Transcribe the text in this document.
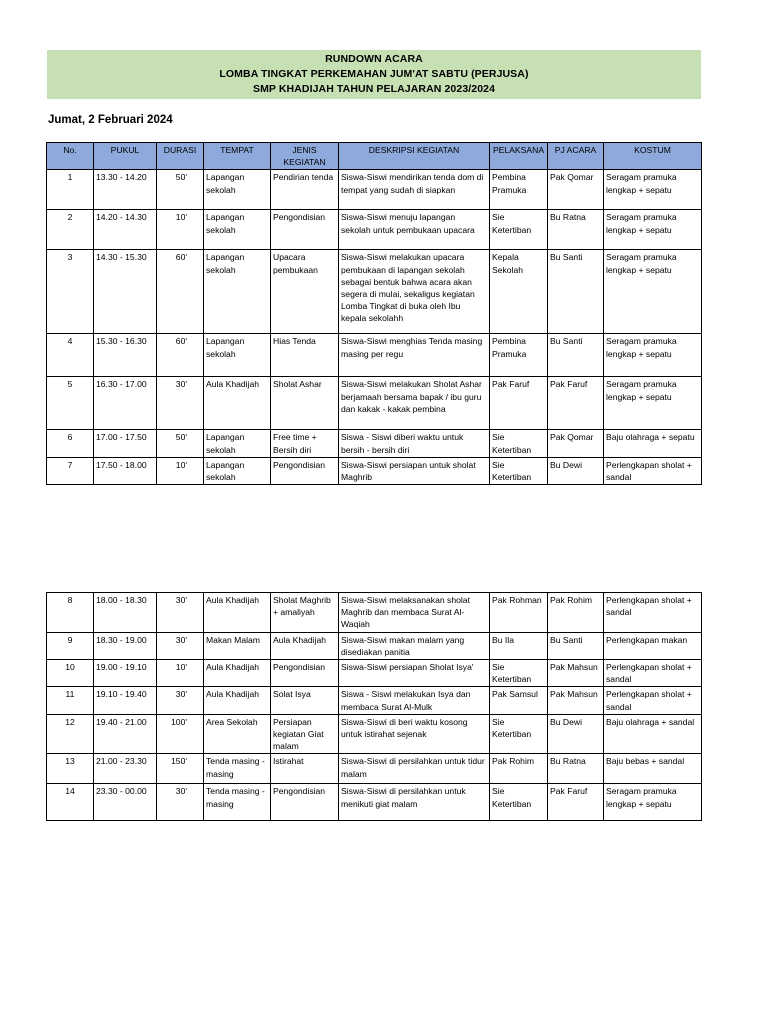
RUNDOWN ACARA
LOMBA TINGKAT PERKEMAHAN JUM'AT SABTU (PERJUSA)
SMP KHADIJAH TAHUN PELAJARAN 2023/2024
Jumat, 2 Februari 2024
No.	PUKUL	DURASI	TEMPAT	JENIS KEGIATAN	DESKRIPSI KEGIATAN	PELAKSANA	PJ ACARA	KOSTUM
1	13.30 - 14.20	50'	Lapangan sekolah	Pendirian tenda	Siswa-Siswi mendirikan tenda dom di tempat yang sudah di siapkan	Pembina Pramuka	Pak Qomar	Seragam pramuka lengkap + sepatu
2	14.20 - 14.30	10'	Lapangan sekolah	Pengondisian	Siswa-Siswi menuju lapangan sekolah untuk pembukaan upacara	Sie Ketertiban	Bu Ratna	Seragam pramuka lengkap + sepatu
3	14.30 - 15.30	60'	Lapangan sekolah	Upacara pembukaan	Siswa-Siswi melakukan upacara pembukaan di lapangan sekolah sebagai bentuk bahwa acara akan segera di mulai, sekaligus kegiatan Lomba Tingkat di buka oleh Ibu kepala sekolahh	Kepala Sekolah	Bu Santi	Seragam pramuka lengkap + sepatu
4	15.30 - 16.30	60'	Lapangan sekolah	Hias Tenda	Siswa-Siswi menghias Tenda masing masing per regu	Pembina Pramuka	Bu Santi	Seragam pramuka lengkap + sepatu
5	16.30 - 17.00	30'	Aula Khadijah	Sholat Ashar	Siswa-Siswi melakukan Sholat Ashar berjamaah bersama bapak / ibu guru dan kakak - kakak pembina	Pak Faruf	Pak Faruf	Seragam pramuka lengkap + sepatu
6	17.00 - 17.50	50'	Lapangan sekolah	Free time + Bersih diri	Siswa - Siswi diberi waktu untuk bersih - bersih diri	Sie Ketertiban	Pak Qomar	Baju olahraga + sepatu
7	17.50 - 18.00	10'	Lapangan sekolah	Pengondisian	Siswa-Siswi persiapan untuk sholat Maghrib	Sie Ketertiban	Bu Dewi	Perlengkapan sholat + sandal
8	18.00 - 18.30	30'	Aula Khadijah	Sholat Maghrib + amaliyah	Siswa-Siswi melaksanakan sholat Maghrib dan membaca Surat Al-Waqiah	Pak Rohman	Pak Rohim	Perlengkapan sholat + sandal
9	18.30 - 19.00	30'	Makan Malam	Aula Khadijah	Siswa-Siswi makan malam yang disediakan panitia	Bu Ila	Bu Santi	Perlengkapan makan
10	19.00 - 19.10	10'	Aula Khadijah	Pengondisian	Siswa-Siswi persiapan Sholat Isya'	Sie Ketertiban	Pak Mahsun	Perlengkapan sholat + sandal
11	19.10 - 19.40	30'	Aula Khadijah	Solat Isya	Siswa - Siswi melakukan Isya dan membaca Surat Al-Mulk	Pak Samsul	Pak Mahsun	Perlengkapan sholat + sandal
12	19.40 - 21.00	100'	Area Sekolah	Persiapan kegiatan Giat malam	Siswa-Siswi di beri waktu kosong untuk istirahat sejenak	Sie Ketertiban	Bu Dewi	Baju olahraga + sandal
13	21.00 - 23.30	150'	Tenda masing - masing	Istirahat	Siswa-Siswi di persilahkan untuk tidur malam	Pak Rohim	Bu Ratna	Baju bebas + sandal
14	23.30 - 00.00	30'	Tenda masing - masing	Pengondisian	Siswa-Siswi di persilahkan untuk menikuti giat malam	Sie Ketertiban	Pak Faruf	Seragam pramuka lengkap + sepatu
